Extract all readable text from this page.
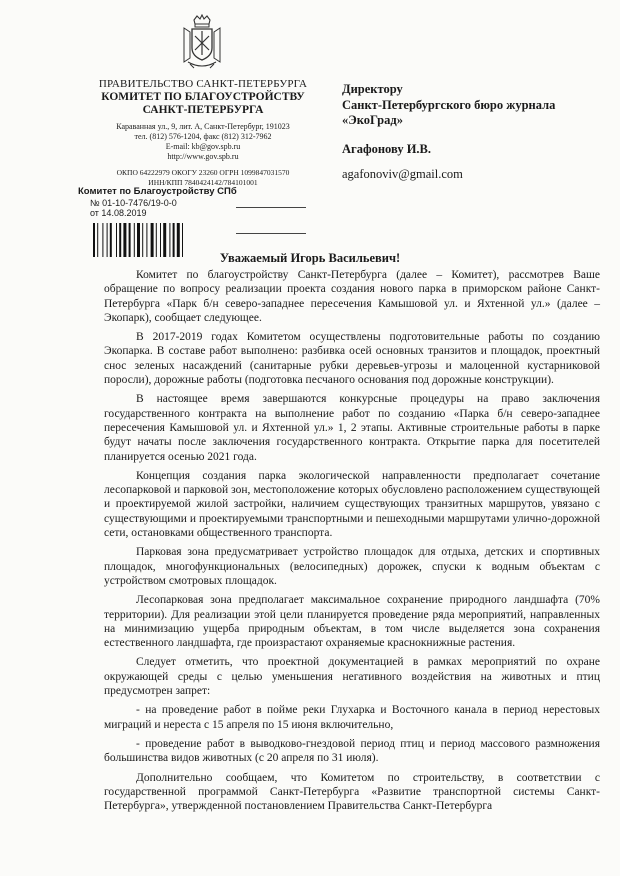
ПРАВИТЕЛЬСТВО САНКТ-ПЕТЕРБУРГА
КОМИТЕТ ПО БЛАГОУСТРОЙСТВУ
САНКТ-ПЕТЕРБУРГА
Караванная ул., 9, лит. А, Санкт-Петербург, 191023
тел. (812) 576-1204, факс (812) 312-7962
E-mail: kb@gov.spb.ru
http://www.gov.spb.ru
ОКПО 64222979 ОКОГУ 23260 ОГРН 1099847031570
ИНН/КПП 7840424142/784101001
Комитет по Благоустройству СПб
№ 01-10-7476/19-0-0
от 14.08.2019
Директору
Санкт-Петербургского бюро журнала
«ЭкоГрад»
Агафонову И.В.
agafonoviv@gmail.com
Уважаемый Игорь Васильевич!

Комитет по благоустройству Санкт-Петербурга (далее – Комитет), рассмотрев Ваше обращение по вопросу реализации проекта создания нового парка в приморском районе Санкт-Петербурга «Парк б/н северо-западнее пересечения Камышовой ул. и Яхтенной ул.» (далее – Экопарк), сообщает следующее.

В 2017-2019 годах Комитетом осуществлены подготовительные работы по созданию Экопарка. В составе работ выполнено: разбивка осей основных транзитов и площадок, проектный снос зеленых насаждений (санитарные рубки деревьев-угрозы и малоценной кустарниковой поросли), дорожные работы (подготовка песчаного основания под дорожные конструкции).

В настоящее время завершаются конкурсные процедуры на право заключения государственного контракта на выполнение работ по созданию «Парка б/н северо-западнее пересечения Камышовой ул. и Яхтенной ул.» 1, 2 этапы. Активные строительные работы в парке будут начаты после заключения государственного контракта. Открытие парка для посетителей планируется осенью 2021 года.

Концепция создания парка экологической направленности предполагает сочетание лесопарковой и парковой зон, местоположение которых обусловлено расположением существующей и проектируемой жилой застройки, наличием существующих транзитных маршрутов, увязано с существующими и проектируемыми транспортными и пешеходными маршрутами улично-дорожной сети, остановками общественного транспорта.

Парковая зона предусматривает устройство площадок для отдыха, детских и спортивных площадок, многофункциональных (велосипедных) дорожек, спуски к водным объектам с устройством смотровых площадок.

Лесопарковая зона предполагает максимальное сохранение природного ландшафта (70% территории). Для реализации этой цели планируется проведение ряда мероприятий, направленных на минимизацию ущерба природным объектам, в том числе выделяется зона сохранения естественного ландшафта, где произрастают охраняемые краснокнижные растения.

Следует отметить, что проектной документацией в рамках мероприятий по охране окружающей среды с целью уменьшения негативного воздействия на животных и птиц предусмотрен запрет:

- на проведение работ в пойме реки Глухарка и Восточного канала в период нерестовых миграций и нереста с 15 апреля по 15 июня включительно,

- проведение работ в выводково-гнездовой период птиц и период массового размножения большинства видов животных (с 20 апреля по 31 июля).

Дополнительно сообщаем, что Комитетом по строительству, в соответствии с государственной программой Санкт-Петербурга «Развитие транспортной системы Санкт-Петербурга», утвержденной постановлением Правительства Санкт-Петербурга
